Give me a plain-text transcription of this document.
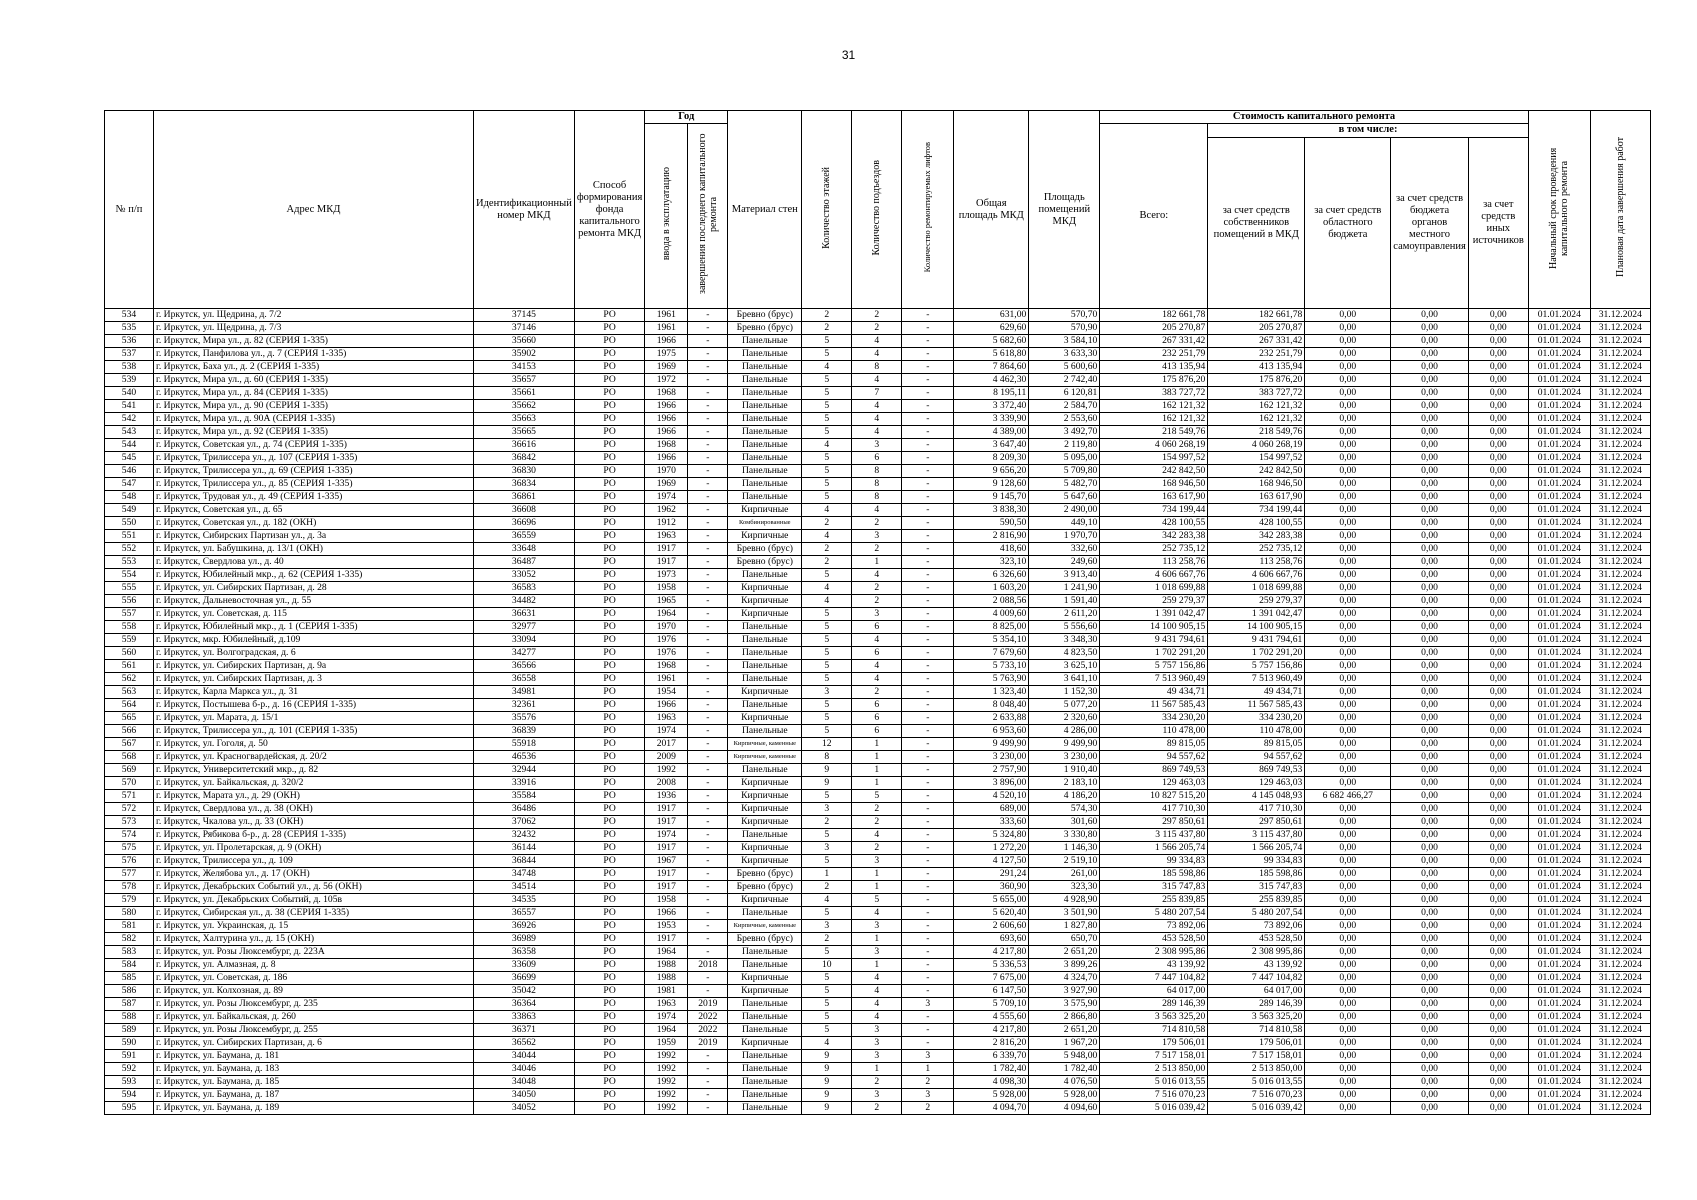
31
№ п/п	Адрес МКД	Идентификационный номер МКД	Способ формирования фонда капитального ремонта МКД	Год		Материал стен	Количество этажей	Количество подъездов	Количество ремонтируемых лифтов	Общая площадь МКД	Площадь помещений МКД	Стоимость капитального ремонта					Начальный срок проведения капитального ремонта	Плановая дата завершения работ
				ввода в эксплуатацию	завершения последнего капитального ремонта							Всего:	в том числе:					
													за счет средств собственников помещений в МКД	за счет средств областного бюджета	за счет средств бюджета органов местного самоуправления	за счет средств иных источников		
534	г. Иркутск, ул. Щедрина, д. 7/2	37145	РО	1961	-	Бревно (брус)	2	2	-	631,00	570,70	182 661,78	182 661,78	0,00	0,00	0,00	01.01.2024	31.12.2024
535	г. Иркутск, ул. Щедрина, д. 7/3	37146	РО	1961	-	Бревно (брус)	2	2	-	629,60	570,90	205 270,87	205 270,87	0,00	0,00	0,00	01.01.2024	31.12.2024
536	г. Иркутск, Мира ул., д. 82 (СЕРИЯ 1-335)	35660	РО	1966	-	Панельные	5	4	-	5 682,60	3 584,10	267 331,42	267 331,42	0,00	0,00	0,00	01.01.2024	31.12.2024
537	г. Иркутск, Панфилова ул., д. 7 (СЕРИЯ 1-335)	35902	РО	1975	-	Панельные	5	4	-	5 618,80	3 633,30	232 251,79	232 251,79	0,00	0,00	0,00	01.01.2024	31.12.2024
538	г. Иркутск, Баха ул., д. 2 (СЕРИЯ 1-335)	34153	РО	1969	-	Панельные	4	8	-	7 864,60	5 600,60	413 135,94	413 135,94	0,00	0,00	0,00	01.01.2024	31.12.2024
539	г. Иркутск, Мира ул., д. 60 (СЕРИЯ 1-335)	35657	РО	1972	-	Панельные	5	4	-	4 462,30	2 742,40	175 876,20	175 876,20	0,00	0,00	0,00	01.01.2024	31.12.2024
540	г. Иркутск, Мира ул., д. 84 (СЕРИЯ 1-335)	35661	РО	1968	-	Панельные	5	7	-	8 195,11	6 120,81	383 727,72	383 727,72	0,00	0,00	0,00	01.01.2024	31.12.2024
541	г. Иркутск, Мира ул., д. 90 (СЕРИЯ 1-335)	35662	РО	1966	-	Панельные	5	4	-	3 372,40	2 584,70	162 121,32	162 121,32	0,00	0,00	0,00	01.01.2024	31.12.2024
542	г. Иркутск, Мира ул., д. 90А (СЕРИЯ 1-335)	35663	РО	1966	-	Панельные	5	4	-	3 339,90	2 553,60	162 121,32	162 121,32	0,00	0,00	0,00	01.01.2024	31.12.2024
543	г. Иркутск, Мира ул., д. 92 (СЕРИЯ 1-335)	35665	РО	1966	-	Панельные	5	4	-	4 389,00	3 492,70	218 549,76	218 549,76	0,00	0,00	0,00	01.01.2024	31.12.2024
544	г. Иркутск, Советская ул., д. 74 (СЕРИЯ 1-335)	36616	РО	1968	-	Панельные	4	3	-	3 647,40	2 119,80	4 060 268,19	4 060 268,19	0,00	0,00	0,00	01.01.2024	31.12.2024
545	г. Иркутск, Трилиссера ул., д. 107 (СЕРИЯ 1-335)	36842	РО	1966	-	Панельные	5	6	-	8 209,30	5 095,00	154 997,52	154 997,52	0,00	0,00	0,00	01.01.2024	31.12.2024
546	г. Иркутск, Трилиссера ул., д. 69 (СЕРИЯ 1-335)	36830	РО	1970	-	Панельные	5	8	-	9 656,20	5 709,80	242 842,50	242 842,50	0,00	0,00	0,00	01.01.2024	31.12.2024
547	г. Иркутск, Трилиссера ул., д. 85 (СЕРИЯ 1-335)	36834	РО	1969	-	Панельные	5	8	-	9 128,60	5 482,70	168 946,50	168 946,50	0,00	0,00	0,00	01.01.2024	31.12.2024
548	г. Иркутск, Трудовая ул., д. 49 (СЕРИЯ 1-335)	36861	РО	1974	-	Панельные	5	8	-	9 145,70	5 647,60	163 617,90	163 617,90	0,00	0,00	0,00	01.01.2024	31.12.2024
549	г. Иркутск, Советская ул., д. 65	36608	РО	1962	-	Кирпичные	4	4	-	3 838,30	2 490,00	734 199,44	734 199,44	0,00	0,00	0,00	01.01.2024	31.12.2024
550	г. Иркутск, Советская ул., д. 182 (ОКН)	36696	РО	1912	-	Комбинированные	2	2	-	590,50	449,10	428 100,55	428 100,55	0,00	0,00	0,00	01.01.2024	31.12.2024
551	г. Иркутск, Сибирских Партизан ул., д. 3а	36559	РО	1963	-	Кирпичные	4	3	-	2 816,90	1 970,70	342 283,38	342 283,38	0,00	0,00	0,00	01.01.2024	31.12.2024
552	г. Иркутск, ул. Бабушкина, д. 13/1 (ОКН)	33648	РО	1917	-	Бревно (брус)	2	2	-	418,60	332,60	252 735,12	252 735,12	0,00	0,00	0,00	01.01.2024	31.12.2024
553	г. Иркутск, Свердлова ул., д. 40	36487	РО	1917	-	Бревно (брус)	2	1	-	323,10	249,60	113 258,76	113 258,76	0,00	0,00	0,00	01.01.2024	31.12.2024
554	г. Иркутск, Юбилейный мкр., д. 62 (СЕРИЯ 1-335)	33052	РО	1973	-	Панельные	5	4	-	6 326,60	3 913,40	4 606 667,76	4 606 667,76	0,00	0,00	0,00	01.01.2024	31.12.2024
555	г. Иркутск, ул. Сибирских Партизан, д. 28	36583	РО	1958	-	Кирпичные	4	2	-	1 603,20	1 241,90	1 018 699,88	1 018 699,88	0,00	0,00	0,00	01.01.2024	31.12.2024
556	г. Иркутск, Дальневосточная ул., д. 55	34482	РО	1965	-	Кирпичные	4	2	-	2 088,56	1 591,40	259 279,37	259 279,37	0,00	0,00	0,00	01.01.2024	31.12.2024
557	г. Иркутск, ул. Советская, д. 115	36631	РО	1964	-	Кирпичные	5	3	-	4 009,60	2 611,20	1 391 042,47	1 391 042,47	0,00	0,00	0,00	01.01.2024	31.12.2024
558	г. Иркутск, Юбилейный мкр., д. 1 (СЕРИЯ 1-335)	32977	РО	1970	-	Панельные	5	6	-	8 825,00	5 556,60	14 100 905,15	14 100 905,15	0,00	0,00	0,00	01.01.2024	31.12.2024
559	г. Иркутск, мкр. Юбилейный, д.109	33094	РО	1976	-	Панельные	5	4	-	5 354,10	3 348,30	9 431 794,61	9 431 794,61	0,00	0,00	0,00	01.01.2024	31.12.2024
560	г. Иркутск, ул. Волгоградская, д. 6	34277	РО	1976	-	Панельные	5	6	-	7 679,60	4 823,50	1 702 291,20	1 702 291,20	0,00	0,00	0,00	01.01.2024	31.12.2024
561	г. Иркутск, ул. Сибирских Партизан, д. 9а	36566	РО	1968	-	Панельные	5	4	-	5 733,10	3 625,10	5 757 156,86	5 757 156,86	0,00	0,00	0,00	01.01.2024	31.12.2024
562	г. Иркутск, ул. Сибирских Партизан, д. 3	36558	РО	1961	-	Панельные	5	4	-	5 763,90	3 641,10	7 513 960,49	7 513 960,49	0,00	0,00	0,00	01.01.2024	31.12.2024
563	г. Иркутск, Карла Маркса ул., д. 31	34981	РО	1954	-	Кирпичные	3	2	-	1 323,40	1 152,30	49 434,71	49 434,71	0,00	0,00	0,00	01.01.2024	31.12.2024
564	г. Иркутск, Постышева б-р., д. 16 (СЕРИЯ 1-335)	32361	РО	1966	-	Панельные	5	6	-	8 048,40	5 077,20	11 567 585,43	11 567 585,43	0,00	0,00	0,00	01.01.2024	31.12.2024
565	г. Иркутск, ул. Марата, д. 15/1	35576	РО	1963	-	Кирпичные	5	6	-	2 633,88	2 320,60	334 230,20	334 230,20	0,00	0,00	0,00	01.01.2024	31.12.2024
566	г. Иркутск, Трилиссера ул., д. 101 (СЕРИЯ 1-335)	36839	РО	1974	-	Панельные	5	6	-	6 953,60	4 286,00	110 478,00	110 478,00	0,00	0,00	0,00	01.01.2024	31.12.2024
567	г. Иркутск, ул. Гоголя, д. 50	55918	РО	2017	-	Кирпичные, каменные	12	1	-	9 499,90	9 499,90	89 815,05	89 815,05	0,00	0,00	0,00	01.01.2024	31.12.2024
568	г. Иркутск, ул. Красногвардейская, д. 20/2	46536	РО	2009	-	Кирпичные, каменные	8	1	-	3 230,00	3 230,00	94 557,62	94 557,62	0,00	0,00	0,00	01.01.2024	31.12.2024
569	г. Иркутск, Университетский мкр., д. 82	32944	РО	1992	-	Панельные	9	1	-	2 757,90	1 910,40	869 749,53	869 749,53	0,00	0,00	0,00	01.01.2024	31.12.2024
570	г. Иркутск, ул. Байкальская, д. 320/2	33916	РО	2008	-	Кирпичные	9	1	-	3 896,00	2 183,10	129 463,03	129 463,03	0,00	0,00	0,00	01.01.2024	31.12.2024
571	г. Иркутск, Марата ул., д. 29 (ОКН)	35584	РО	1936	-	Кирпичные	5	5	-	4 520,10	4 186,20	10 827 515,20	4 145 048,93	6 682 466,27	0,00	0,00	01.01.2024	31.12.2024
572	г. Иркутск, Свердлова ул., д. 38 (ОКН)	36486	РО	1917	-	Кирпичные	3	2	-	689,00	574,30	417 710,30	417 710,30	0,00	0,00	0,00	01.01.2024	31.12.2024
573	г. Иркутск, Чкалова ул., д. 33 (ОКН)	37062	РО	1917	-	Кирпичные	2	2	-	333,60	301,60	297 850,61	297 850,61	0,00	0,00	0,00	01.01.2024	31.12.2024
574	г. Иркутск, Рябикова б-р., д. 28 (СЕРИЯ 1-335)	32432	РО	1974	-	Панельные	5	4	-	5 324,80	3 330,80	3 115 437,80	3 115 437,80	0,00	0,00	0,00	01.01.2024	31.12.2024
575	г. Иркутск, ул. Пролетарская, д. 9 (ОКН)	36144	РО	1917	-	Кирпичные	3	2	-	1 272,20	1 146,30	1 566 205,74	1 566 205,74	0,00	0,00	0,00	01.01.2024	31.12.2024
576	г. Иркутск, Трилиссера ул., д. 109	36844	РО	1967	-	Кирпичные	5	3	-	4 127,50	2 519,10	99 334,83	99 334,83	0,00	0,00	0,00	01.01.2024	31.12.2024
577	г. Иркутск, Желябова ул., д. 17 (ОКН)	34748	РО	1917	-	Бревно (брус)	1	1	-	291,24	261,00	185 598,86	185 598,86	0,00	0,00	0,00	01.01.2024	31.12.2024
578	г. Иркутск, Декабрьских Событий ул., д. 56 (ОКН)	34514	РО	1917	-	Бревно (брус)	2	1	-	360,90	323,30	315 747,83	315 747,83	0,00	0,00	0,00	01.01.2024	31.12.2024
579	г. Иркутск, ул. Декабрьских Событий, д. 105в	34535	РО	1958	-	Кирпичные	4	5	-	5 655,00	4 928,90	255 839,85	255 839,85	0,00	0,00	0,00	01.01.2024	31.12.2024
580	г. Иркутск, Сибирская ул., д. 38 (СЕРИЯ 1-335)	36557	РО	1966	-	Панельные	5	4	-	5 620,40	3 501,90	5 480 207,54	5 480 207,54	0,00	0,00	0,00	01.01.2024	31.12.2024
581	г. Иркутск, ул. Украинская, д. 15	36926	РО	1953	-	Кирпичные, каменные	3	3	-	2 606,60	1 827,80	73 892,06	73 892,06	0,00	0,00	0,00	01.01.2024	31.12.2024
582	г. Иркутск, Халтурина ул., д. 15 (ОКН)	36989	РО	1917	-	Бревно (брус)	2	1	-	693,60	650,70	453 528,50	453 528,50	0,00	0,00	0,00	01.01.2024	31.12.2024
583	г. Иркутск, ул. Розы Люксембург, д. 223А	36358	РО	1964	-	Панельные	5	3	-	4 217,80	2 651,20	2 308 995,86	2 308 995,86	0,00	0,00	0,00	01.01.2024	31.12.2024
584	г. Иркутск, ул. Алмазная, д. 8	33609	РО	1988	2018	Панельные	10	1	-	5 336,53	3 899,26	43 139,92	43 139,92	0,00	0,00	0,00	01.01.2024	31.12.2024
585	г. Иркутск, ул. Советская, д. 186	36699	РО	1988	-	Кирпичные	5	4	-	7 675,00	4 324,70	7 447 104,82	7 447 104,82	0,00	0,00	0,00	01.01.2024	31.12.2024
586	г. Иркутск, ул. Колхозная, д. 89	35042	РО	1981	-	Кирпичные	5	4	-	6 147,50	3 927,90	64 017,00	64 017,00	0,00	0,00	0,00	01.01.2024	31.12.2024
587	г. Иркутск, ул. Розы Люксембург, д. 235	36364	РО	1963	2019	Панельные	5	4	3	5 709,10	3 575,90	289 146,39	289 146,39	0,00	0,00	0,00	01.01.2024	31.12.2024
588	г. Иркутск, ул. Байкальская, д. 260	33863	РО	1974	2022	Панельные	5	4	-	4 555,60	2 866,80	3 563 325,20	3 563 325,20	0,00	0,00	0,00	01.01.2024	31.12.2024
589	г. Иркутск, ул. Розы Люксембург, д. 255	36371	РО	1964	2022	Панельные	5	3	-	4 217,80	2 651,20	714 810,58	714 810,58	0,00	0,00	0,00	01.01.2024	31.12.2024
590	г. Иркутск, ул. Сибирских Партизан, д. 6	36562	РО	1959	2019	Кирпичные	4	3	-	2 816,20	1 967,20	179 506,01	179 506,01	0,00	0,00	0,00	01.01.2024	31.12.2024
591	г. Иркутск, ул. Баумана, д. 181	34044	РО	1992	-	Панельные	9	3	3	6 339,70	5 948,00	7 517 158,01	7 517 158,01	0,00	0,00	0,00	01.01.2024	31.12.2024
592	г. Иркутск, ул. Баумана, д. 183	34046	РО	1992	-	Панельные	9	1	1	1 782,40	1 782,40	2 513 850,00	2 513 850,00	0,00	0,00	0,00	01.01.2024	31.12.2024
593	г. Иркутск, ул. Баумана, д. 185	34048	РО	1992	-	Панельные	9	2	2	4 098,30	4 076,50	5 016 013,55	5 016 013,55	0,00	0,00	0,00	01.01.2024	31.12.2024
594	г. Иркутск, ул. Баумана, д. 187	34050	РО	1992	-	Панельные	9	3	3	5 928,00	5 928,00	7 516 070,23	7 516 070,23	0,00	0,00	0,00	01.01.2024	31.12.2024
595	г. Иркутск, ул. Баумана, д. 189	34052	РО	1992	-	Панельные	9	2	2	4 094,70	4 094,60	5 016 039,42	5 016 039,42	0,00	0,00	0,00	01.01.2024	31.12.2024
